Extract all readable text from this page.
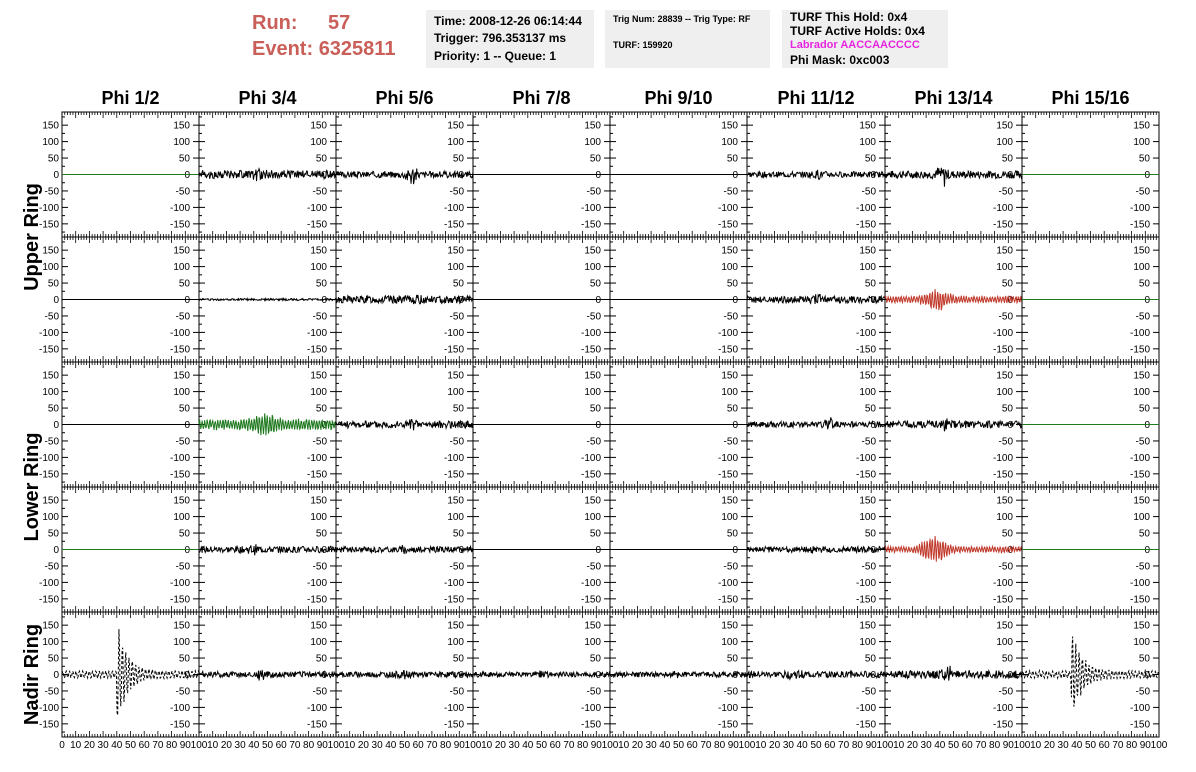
Run: 57
Event: 6325811
Time: 2008-12-26 06:14:44
Trigger: 796.353137 ms
Priority: 1 -- Queue: 1
Trig Num: 28839 -- Trig Type: RF
TURF: 159920
TURF This Hold: 0x4
TURF Active Holds: 0x4
Labrador AACCAACCCC
Phi Mask: 0xc003
Phi 1/2	Phi 3/4	Phi 5/6	Phi 7/8	Phi 9/10	Phi 11/12	Phi 13/14	Phi 15/16
Upper Ring
Lower Ring
Nadir Ring
-150	-150
-100	-100
-50	-50
0	0
50	50
100	100
150	150
-150
-100
-50
0
50
100
150
-150
-100
-50
0
50
100
150
-150
-100
-50
0
50
100
150
-150
-100
-50
0
50
100
150
-150
-100
-50
0
50
100
150
-150
-100
-50
0
50
100
150
-150
-100
-50
0
50
100
150
-150	-150
-100	-100
-50	-50
0	0
50	50
100	100
150	150
-150
-100
-50
0
50
100
150
-150
-100
-50
0
50
100
150
-150
-100
-50
0
50
100
150
-150
-100
-50
0
50
100
150
-150
-100
-50
0
50
100
150
-150
-100
-50
0
50
100
150
-150
-100
-50
0
50
100
150
-150	-150
-100	-100
-50	-50
0	0
50	50
100	100
150	150
-150
-100
-50
0
50
100
150
-150
-100
-50
0
50
100
150
-150
-100
-50
0
50
100
150
-150
-100
-50
0
50
100
150
-150
-100
-50
0
50
100
150
-150
-100
-50
0
50
100
150
-150
-100
-50
0
50
100
150
-150	-150
-100	-100
-50	-50
0	0
50	50
100	100
150	150
-150
-100
-50
0
50
100
150
-150
-100
-50
0
50
100
150
-150
-100
-50
0
50
100
150
-150
-100
-50
0
50
100
150
-150
-100
-50
0
50
100
150
-150
-100
-50
0
50
100
150
-150
-100
-50
0
50
100
150
-150	-150
-100	-100
-50	-50
0	0
50	50
100	100
150	150
-150
-100
-50
0
50
100
150
-150
-100
-50
0
50
100
150
-150
-100
-50
0
50
100
150
-150
-100
-50
0
50
100
150
-150
-100
-50
0
50
100
150
-150
-100
-50
0
50
100
150
-150
-100
-50
0
50
100
150
0 10 20 30 40 50 60 70 80 90 100 10 20 30 40 50 60 70 80 90 100 10 20 30 40 50 60 70 80 90 100 10 20 30 40 50 60 70 80 90 100 10 20 30 40 50 60 70 80 90 100 10 20 30 40 50 60 70 80 90 100 10 20 30 40 50 60 70 80 90 100 10 20 30 40 50 60 70 80 90 100
